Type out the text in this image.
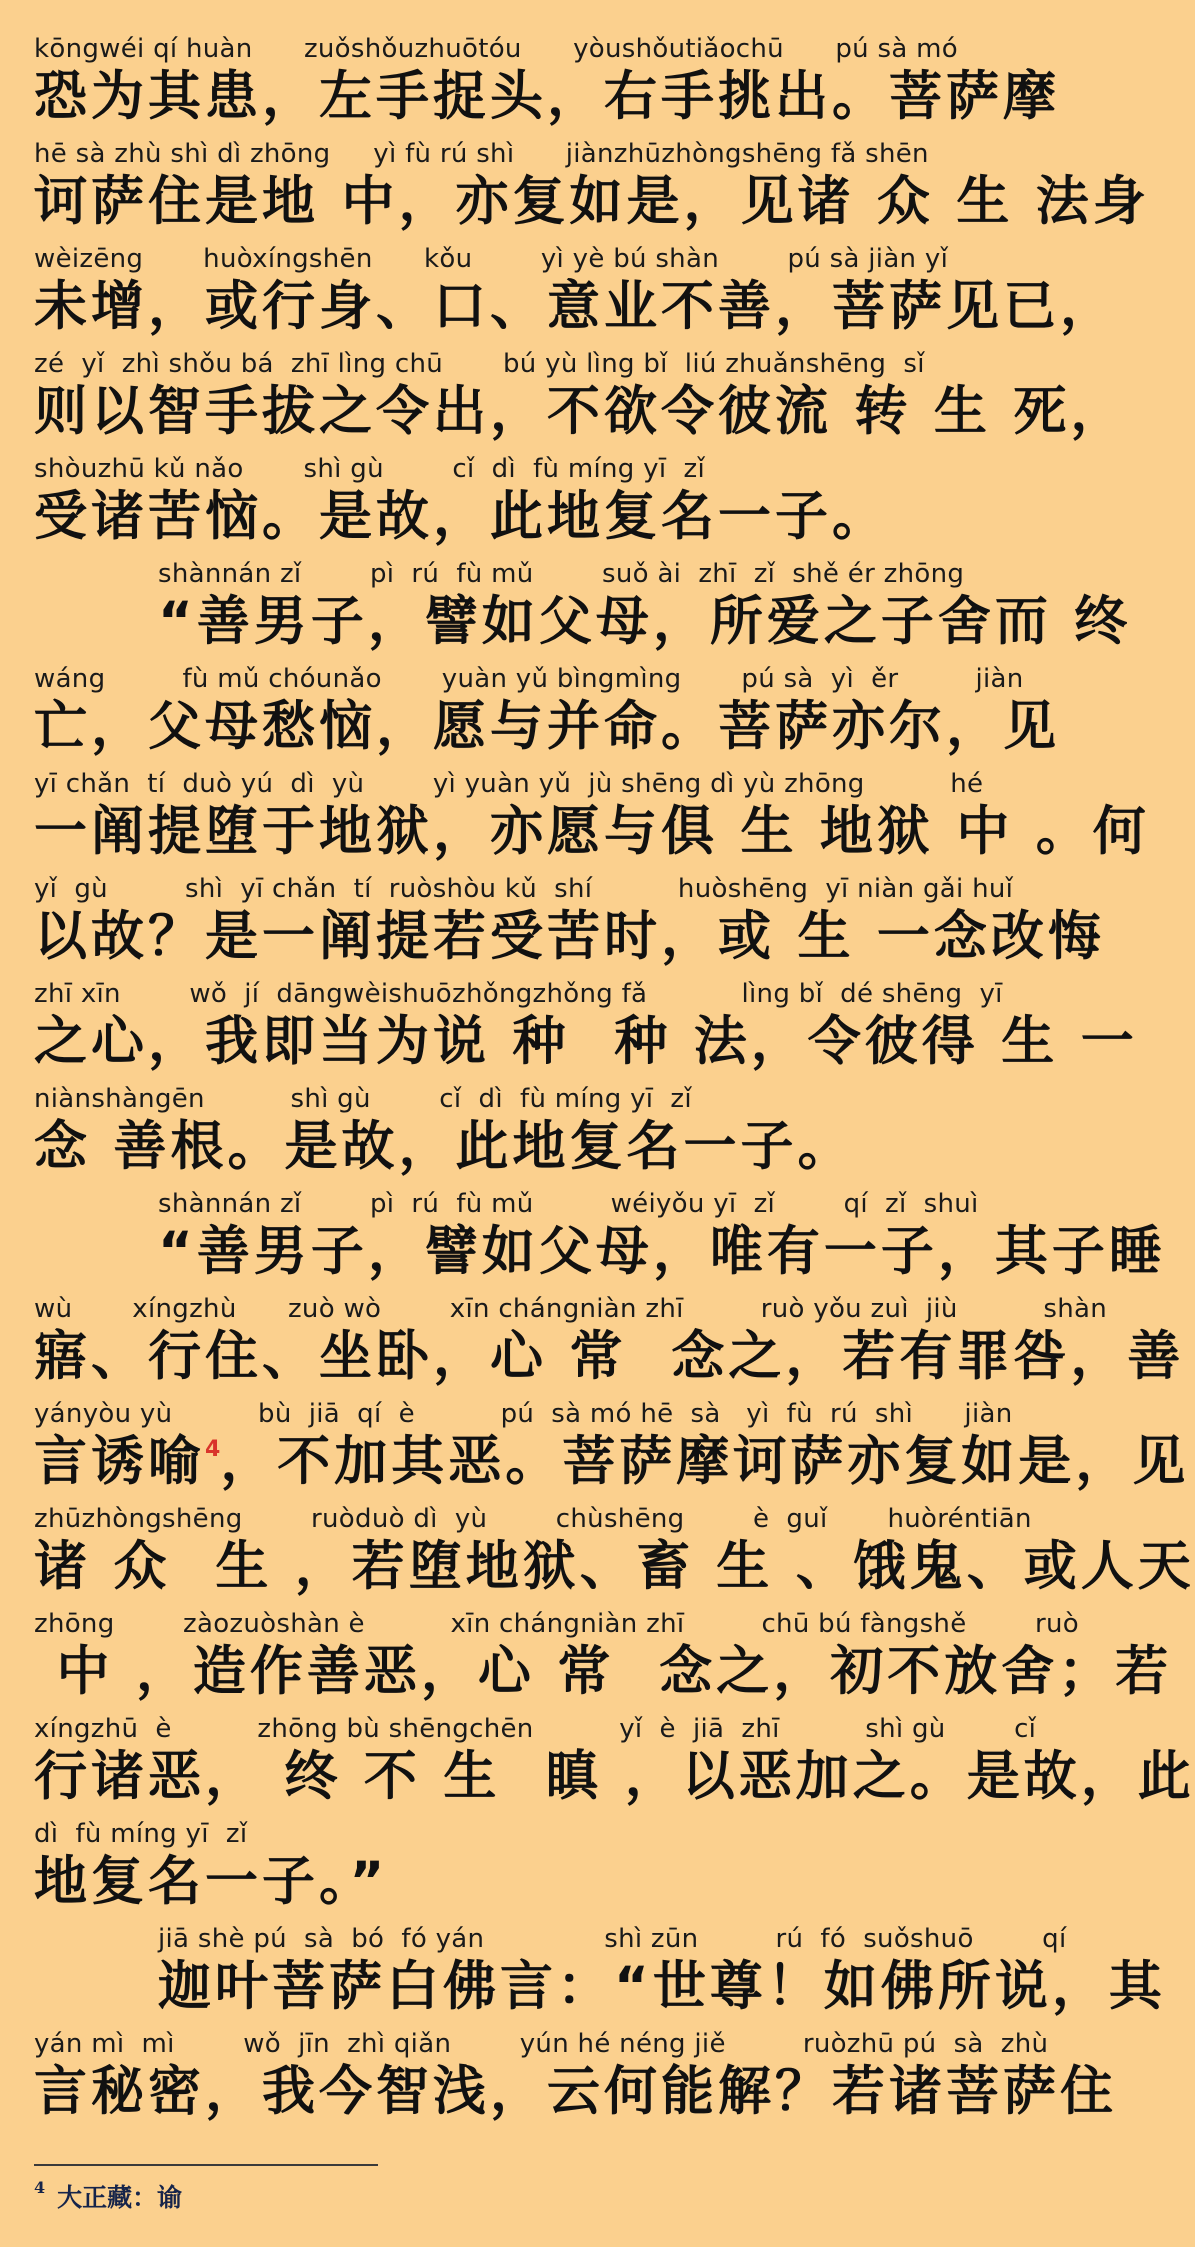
kōngwéi qí huàn      zuǒshǒuzhuōtóu      yòushǒutiǎochū      pú sà mó
恐为其患，左手捉头，右手挑出。菩萨摩
hē sà zhù shì dì zhōng     yì fù rú shì      jiànzhūzhòngshēng fǎ shēn
诃萨住是地 中，亦复如是，见诸 众 生 法身
wèizēng       huòxíngshēn      kǒu        yì yè bú shàn        pú sà jiàn yǐ
未增，或行身、口、意业不善，菩萨见已，
zé  yǐ  zhì shǒu bá  zhī lìng chū       bú yù lìng bǐ  liú zhuǎnshēng  sǐ
则以智手拔之令出，不欲令彼流 转 生 死，
shòuzhū kǔ nǎo       shì gù        cǐ  dì  fù míng yī  zǐ
受诸苦恼。是故，此地复名一子。
shànnán zǐ        pì  rú  fù mǔ        suǒ ài  zhī  zǐ  shě ér zhōng
“善男子，譬如父母，所爱之子舍而 终
wáng         fù mǔ chóunǎo       yuàn yǔ bìngmìng       pú sà  yì  ěr         jiàn
亡，父母愁恼，愿与并命。菩萨亦尔，见
yī chǎn  tí  duò yú  dì  yù        yì yuàn yǔ  jù shēng dì yù zhōng          hé
一阐提堕于地狱，亦愿与俱 生 地狱 中 。何
yǐ  gù         shì  yī chǎn  tí  ruòshòu kǔ  shí          huòshēng  yī niàn gǎi huǐ
以故？是一阐提若受苦时，或 生 一念改悔
zhī xīn        wǒ  jí  dāngwèishuōzhǒngzhǒng fǎ           lìng bǐ  dé shēng  yī
之心，我即当为说 种  种 法，令彼得 生 一
niànshàngēn          shì gù        cǐ  dì  fù míng yī  zǐ
念 善根。是故，此地复名一子。
shànnán zǐ        pì  rú  fù mǔ         wéiyǒu yī  zǐ        qí  zǐ  shuì
“善男子，譬如父母，唯有一子，其子睡
wù       xíngzhù      zuò wò        xīn chángniàn zhī         ruò yǒu zuì  jiù          shàn
寤、行住、坐卧，心 常  念之，若有罪咎，善
yányòu yù          bù  jiā  qí  è          pú  sà mó hē  sà   yì  fù  rú  shì      jiàn
言诱喻$^4$，不加其恶。菩萨摩诃萨亦复如是，见
zhūzhòngshēng        ruòduò dì  yù        chùshēng        è  guǐ       huòréntiān
诸 众  生 ，若堕地狱、畜 生 、饿鬼、或人天
zhōng        zàozuòshàn è          xīn chángniàn zhī         chū bú fàngshě        ruò
中 ，造作善恶，心 常  念之，初不放舍；若
xíngzhū  è          zhōng bù shēngchēn          yǐ  è  jiā  zhī          shì gù        cǐ
行诸恶， 终 不 生  瞋 ，以恶加之。是故，此
dì  fù míng yī  zǐ
地复名一子。”
jiā shè pú  sà  bó  fó yán              shì zūn         rú  fó  suǒshuō        qí
迦叶菩萨白佛言：“世尊！如佛所说，其
yán mì  mì        wǒ  jīn  zhì qiǎn        yún hé néng jiě         ruòzhū pú  sà  zhù
言秘密，我今智浅，云何能解？若诸菩萨住
$^4$ 大正藏：谕
